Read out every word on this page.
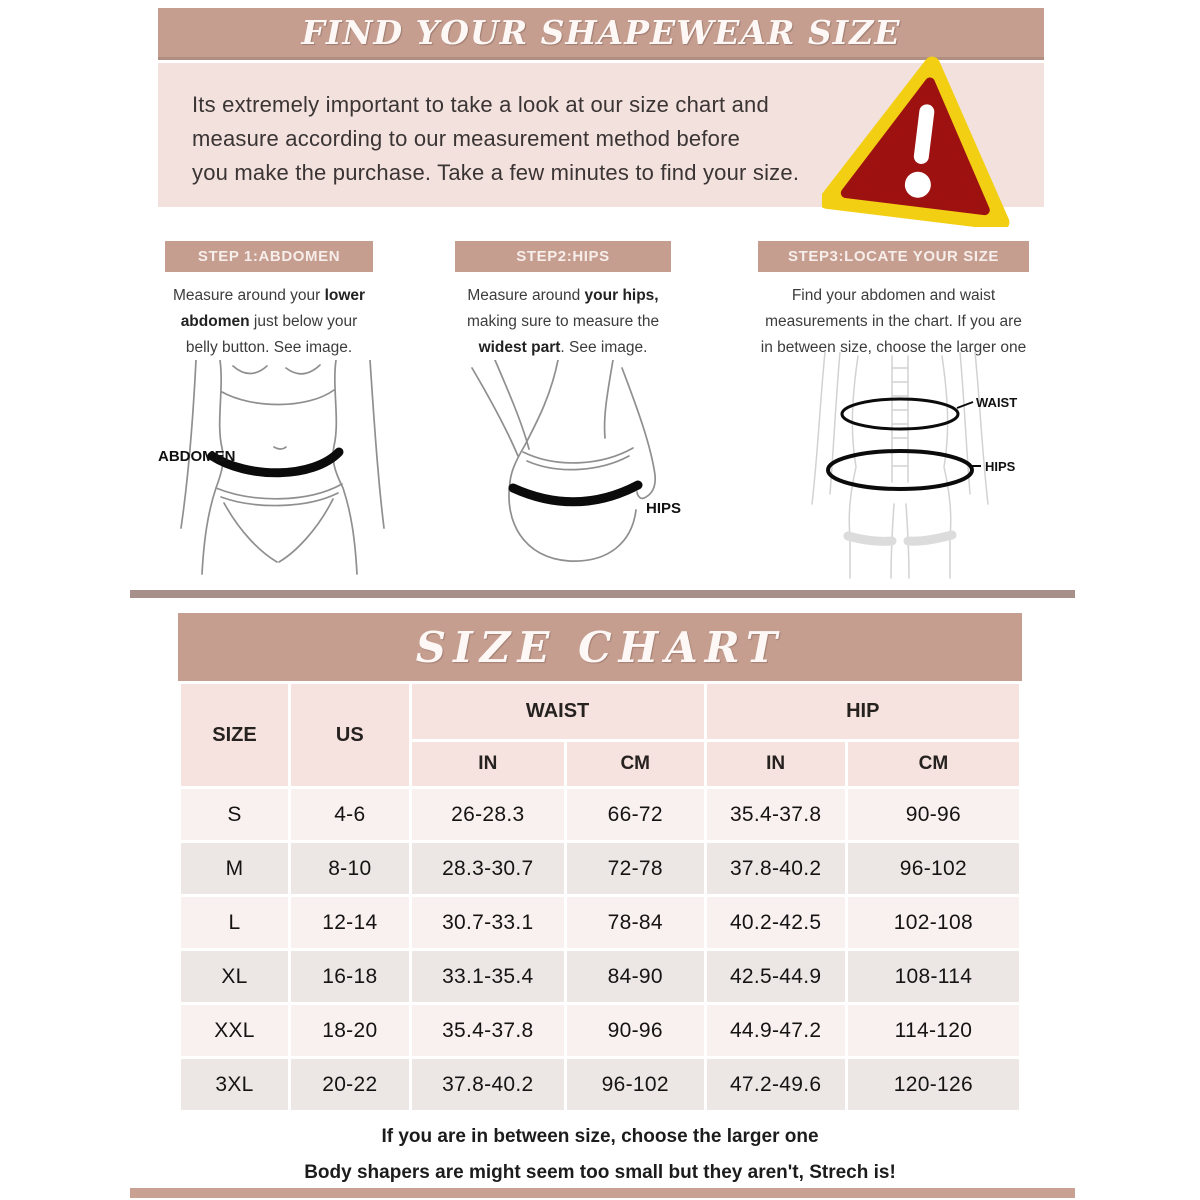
FIND YOUR SHAPEWEAR SIZE
Its extremely important to take a look at our size chart and
measure according to our measurement method before
you make the purchase. Take a few minutes to find your size.
STEP 1:ABDOMEN

Measure around your lower abdomen just below your belly button. See image.

STEP2:HIPS

Measure around your hips, making sure to measure the widest part. See image.

STEP3:LOCATE YOUR SIZE

Find your abdomen and waist measurements in the chart. If you are in between size, choose the larger one

ABDOMEN
HIPS
WAIST
HIPS
SIZE CHART
SIZE	US	WAIST		HIP	
		IN	CM	IN	CM
S	4-6	26-28.3	66-72	35.4-37.8	90-96
M	8-10	28.3-30.7	72-78	37.8-40.2	96-102
L	12-14	30.7-33.1	78-84	40.2-42.5	102-108
XL	16-18	33.1-35.4	84-90	42.5-44.9	108-114
XXL	18-20	35.4-37.8	90-96	44.9-47.2	114-120
3XL	20-22	37.8-40.2	96-102	47.2-49.6	120-126
If you are in between size, choose the larger one
Body shapers are might seem too small but they aren't, Strech is!
